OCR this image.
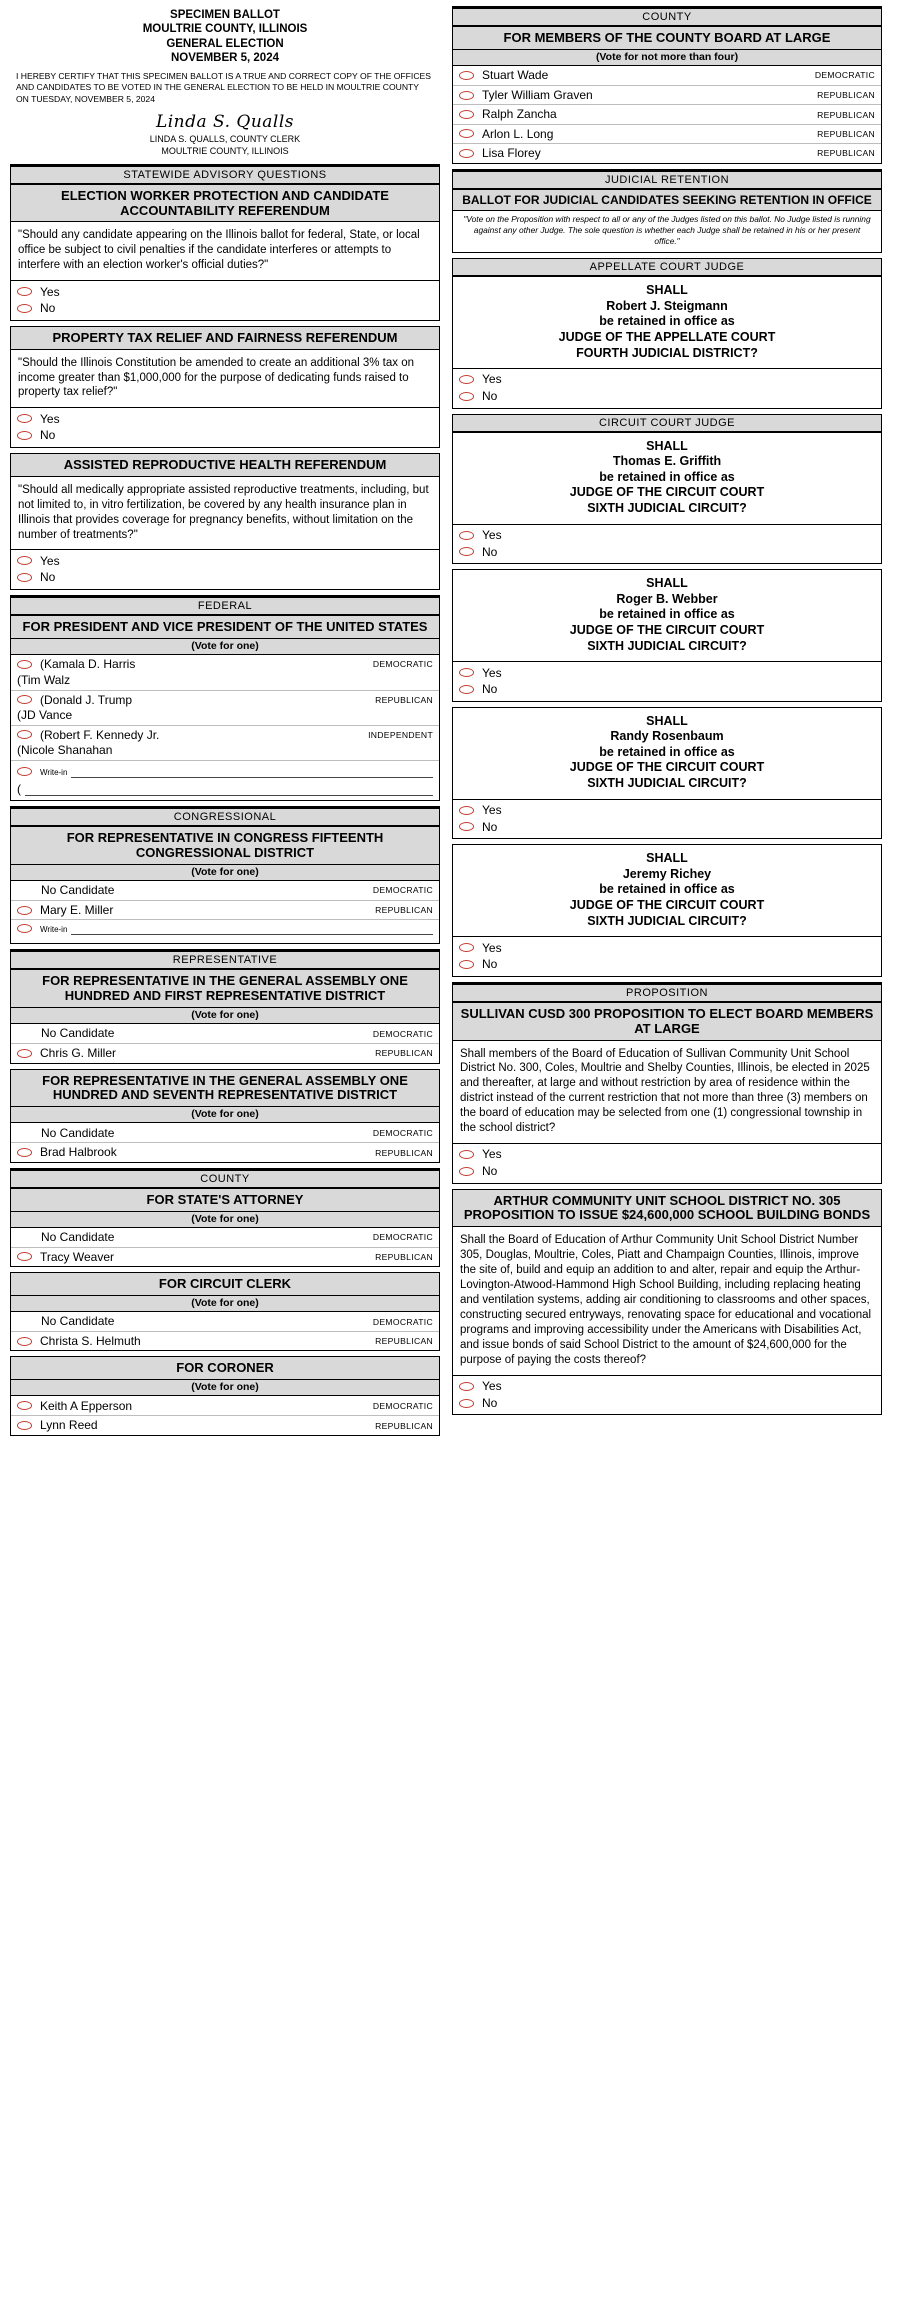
SPECIMEN BALLOT
MOULTRIE COUNTY, ILLINOIS
GENERAL ELECTION
NOVEMBER 5, 2024
I HEREBY CERTIFY THAT THIS SPECIMEN BALLOT IS A TRUE AND CORRECT COPY OF THE OFFICES AND CANDIDATES TO BE VOTED IN THE GENERAL ELECTION TO BE HELD IN MOULTRIE COUNTY ON TUESDAY, NOVEMBER 5, 2024
Linda S. Qualls
LINDA S. QUALLS, COUNTY CLERK
MOULTRIE COUNTY, ILLINOIS
STATEWIDE ADVISORY QUESTIONS
ELECTION WORKER PROTECTION AND CANDIDATE ACCOUNTABILITY REFERENDUM
"Should any candidate appearing on the Illinois ballot for federal, State, or local office be subject to civil penalties if the candidate interferes or attempts to interfere with an election worker's official duties?"
Yes
No
PROPERTY TAX RELIEF AND FAIRNESS REFERENDUM
"Should the Illinois Constitution be amended to create an additional 3% tax on income greater than $1,000,000 for the purpose of dedicating funds raised to property tax relief?"
Yes
No
ASSISTED REPRODUCTIVE HEALTH REFERENDUM
"Should all medically appropriate assisted reproductive treatments, including, but not limited to, in vitro fertilization, be covered by any health insurance plan in Illinois that provides coverage for pregnancy benefits, without limitation on the number of treatments?"
Yes
No
FEDERAL
FOR PRESIDENT AND VICE PRESIDENT OF THE UNITED STATES
(Vote for one)
(Kamala D. Harris	DEMOCRATIC
(Tim Walz
(Donald J. Trump	REPUBLICAN
(JD Vance
(Robert F. Kennedy Jr.	INDEPENDENT
(Nicole Shanahan
Write-in
(
CONGRESSIONAL
FOR REPRESENTATIVE IN CONGRESS FIFTEENTH CONGRESSIONAL DISTRICT
(Vote for one)
No Candidate	DEMOCRATIC
Mary E. Miller	REPUBLICAN
Write-in
REPRESENTATIVE
FOR REPRESENTATIVE IN THE GENERAL ASSEMBLY ONE HUNDRED AND FIRST REPRESENTATIVE DISTRICT
(Vote for one)
No Candidate	DEMOCRATIC
Chris G. Miller	REPUBLICAN
FOR REPRESENTATIVE IN THE GENERAL ASSEMBLY ONE HUNDRED AND SEVENTH REPRESENTATIVE DISTRICT
(Vote for one)
No Candidate	DEMOCRATIC
Brad Halbrook	REPUBLICAN
COUNTY
FOR STATE'S ATTORNEY
(Vote for one)
No Candidate	DEMOCRATIC
Tracy Weaver	REPUBLICAN
FOR CIRCUIT CLERK
(Vote for one)
No Candidate	DEMOCRATIC
Christa S. Helmuth	REPUBLICAN
FOR CORONER
(Vote for one)
Keith A Epperson	DEMOCRATIC
Lynn Reed	REPUBLICAN
COUNTY
FOR MEMBERS OF THE COUNTY BOARD AT LARGE
(Vote for not more than four)
Stuart Wade	DEMOCRATIC
Tyler William Graven	REPUBLICAN
Ralph Zancha	REPUBLICAN
Arlon L. Long	REPUBLICAN
Lisa Florey	REPUBLICAN
JUDICIAL RETENTION
BALLOT FOR JUDICIAL CANDIDATES SEEKING RETENTION IN OFFICE
"Vote on the Proposition with respect to all or any of the Judges listed on this ballot. No Judge listed is running against any other Judge. The sole question is whether each Judge shall be retained in his or her present office."
APPELLATE COURT JUDGE
SHALL
Robert J. Steigmann
be retained in office as
JUDGE OF THE APPELLATE COURT
FOURTH JUDICIAL DISTRICT?
Yes
No
CIRCUIT COURT JUDGE
SHALL
Thomas E. Griffith
be retained in office as
JUDGE OF THE CIRCUIT COURT
SIXTH JUDICIAL CIRCUIT?
Yes
No
SHALL
Roger B. Webber
be retained in office as
JUDGE OF THE CIRCUIT COURT
SIXTH JUDICIAL CIRCUIT?
Yes
No
SHALL
Randy Rosenbaum
be retained in office as
JUDGE OF THE CIRCUIT COURT
SIXTH JUDICIAL CIRCUIT?
Yes
No
SHALL
Jeremy Richey
be retained in office as
JUDGE OF THE CIRCUIT COURT
SIXTH JUDICIAL CIRCUIT?
Yes
No
PROPOSITION
SULLIVAN CUSD 300 PROPOSITION TO ELECT BOARD MEMBERS AT LARGE
Shall members of the Board of Education of Sullivan Community Unit School District No. 300, Coles, Moultrie and Shelby Counties, Illinois, be elected in 2025 and thereafter, at large and without restriction by area of residence within the district instead of the current restriction that not more than three (3) members on the board of education may be selected from one (1) congressional township in the school district?
Yes
No
ARTHUR COMMUNITY UNIT SCHOOL DISTRICT NO. 305 PROPOSITION TO ISSUE $24,600,000 SCHOOL BUILDING BONDS
Shall the Board of Education of Arthur Community Unit School District Number 305, Douglas, Moultrie, Coles, Piatt and Champaign Counties, Illinois, improve the site of, build and equip an addition to and alter, repair and equip the Arthur-Lovington-Atwood-Hammond High School Building, including replacing heating and ventilation systems, adding air conditioning to classrooms and other spaces, constructing secured entryways, renovating space for educational and vocational programs and improving accessibility under the Americans with Disabilities Act, and issue bonds of said School District to the amount of $24,600,000 for the purpose of paying the costs thereof?
Yes
No
